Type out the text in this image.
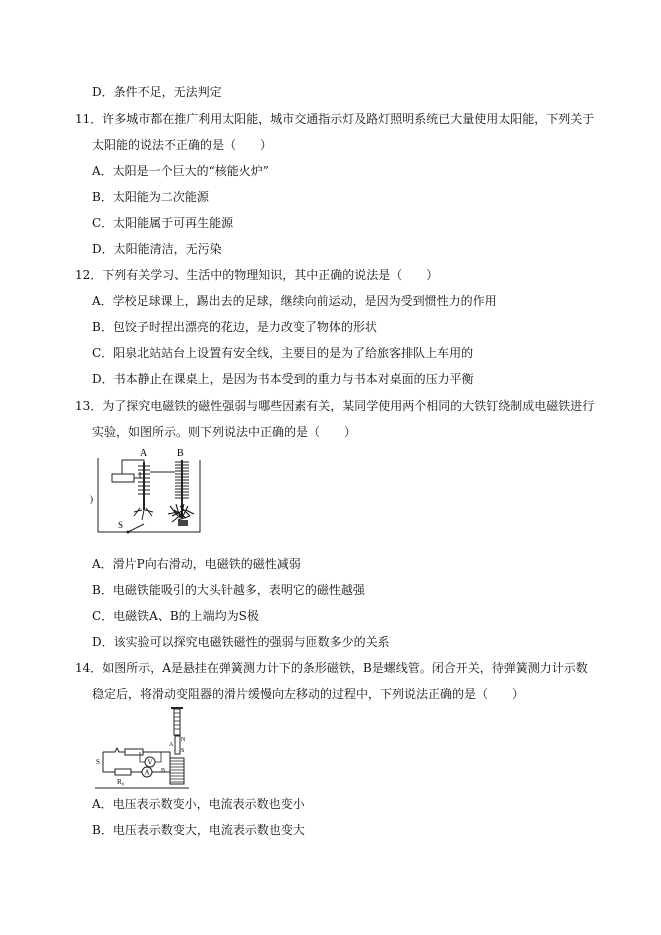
D．条件不足，无法判定
11．许多城市都在推广利用太阳能，城市交通指示灯及路灯照明系统已大量使用太阳能，下列关于
太阳能的说法不正确的是（　　）
A．太阳是一个巨大的“核能火炉”
B．太阳能为二次能源
C．太阳能属于可再生能源
D．太阳能清洁，无污染
12．下列有关学习、生活中的物理知识，其中正确的说法是（　　）
A．学校足球课上，踢出去的足球，继续向前运动，是因为受到惯性力的作用
B．包饺子时捏出漂亮的花边，是力改变了物体的形状
C．阳泉北站站台上设置有安全线，主要目的是为了给旅客排队上车用的
D．书本静止在课桌上，是因为书本受到的重力与书本对桌面的压力平衡
13．为了探究电磁铁的磁性强弱与哪些因素有关，某同学使用两个相同的大铁钉绕制成电磁铁进行
实验，如图所示。则下列说法中正确的是（　　）
)
A	B
S
A．滑片P向右滑动，电磁铁的磁性减弱
B．电磁铁能吸引的大头针越多，表明它的磁性越强
C．电磁铁A、B的上端均为S极
D．该实验可以探究电磁铁磁性的强弱与匝数多少的关系
14．如图所示，A是悬挂在弹簧测力计下的条形磁铁，B是螺线管。闭合开关，待弹簧测力计示数
稳定后，将滑动变阻器的滑片缓慢向左移动的过程中，下列说法正确的是（　　）
A
N
S
B
V
A
S
R₀
A．电压表示数变小，电流表示数也变小
B．电压表示数变大，电流表示数也变大
